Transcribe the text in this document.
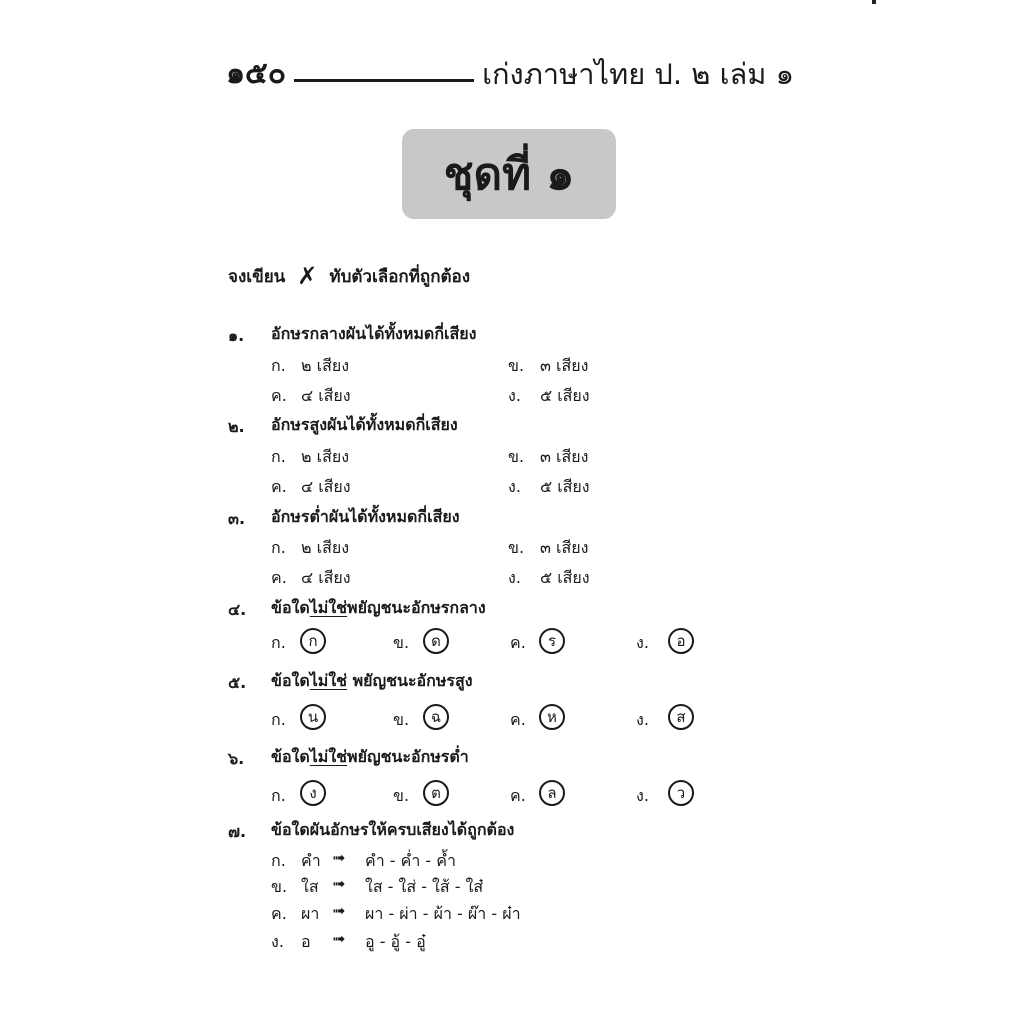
๑๕๐	เก่งภาษาไทย ป. ๒ เล่ม ๑
ชุดที่ ๑
จงเขียน ✗ ทับตัวเลือกที่ถูกต้อง
๑. อักษรกลางผันได้ทั้งหมดกี่เสียง
ก. ๒ เสียง	ข. ๓ เสียง
ค. ๔ เสียง	ง. ๕ เสียง
๒. อักษรสูงผันได้ทั้งหมดกี่เสียง
ก. ๒ เสียง	ข. ๓ เสียง
ค. ๔ เสียง	ง. ๕ เสียง
๓. อักษรต่ำผันได้ทั้งหมดกี่เสียง
ก. ๒ เสียง	ข. ๓ เสียง
ค. ๔ เสียง	ง. ๕ เสียง
๔. ข้อใดไม่ใช่พยัญชนะอักษรกลาง
ก.	ก	ข.	ด	ค.	ร	ง.	อ
๕. ข้อใดไม่ใช่ พยัญชนะอักษรสูง
ก.	น	ข.	ฉ	ค.	ห	ง.	ส
๖. ข้อใดไม่ใช่พยัญชนะอักษรต่ำ
ก.	ง	ข.	ต	ค.	ล	ง.	ว
๗. ข้อใดผันอักษรให้ครบเสียงได้ถูกต้อง
ก. คำ ➟ คำ - ค่ำ - ค้ำ
ข. ใส ➟ ใส - ใส่ - ใส้ - ใส๋
ค. ผา ➟ ผา - ผ่า - ผ้า - ผ๊า - ผ๋า
ง. อ ➟ อู - อู้ - อู๋
